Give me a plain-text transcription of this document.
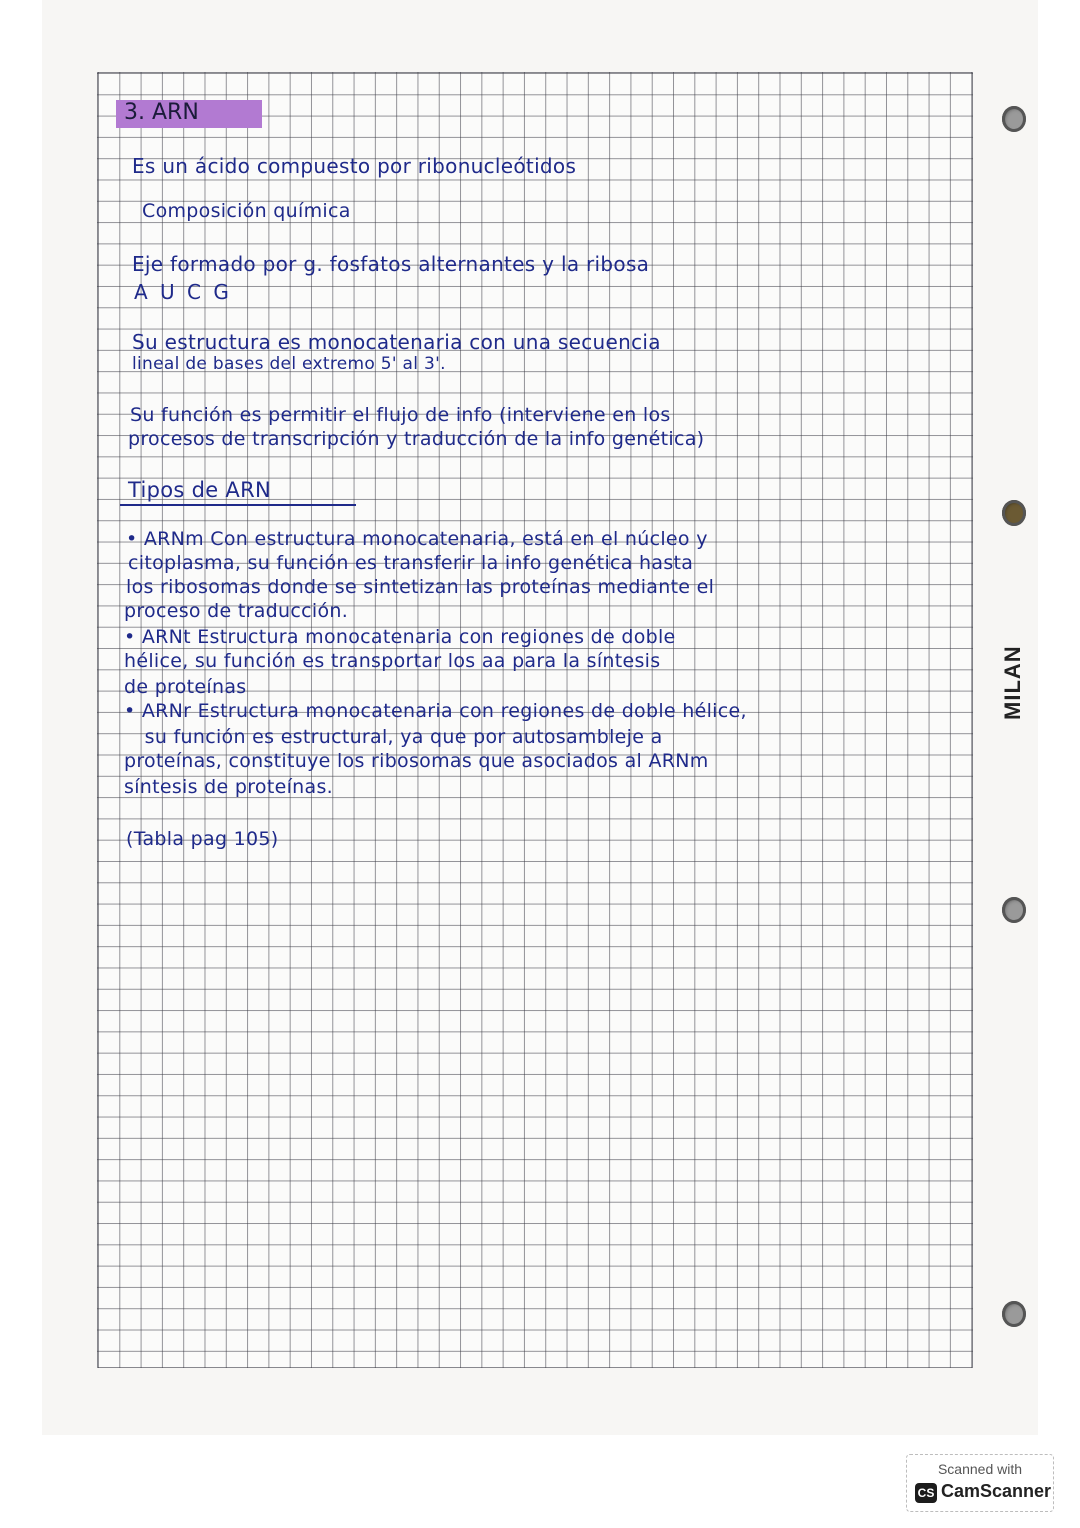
MILAN
3. ARN
Es un ácido compuesto por ribonucleótidos
Composición química
Eje formado por g. fosfatos alternantes y la ribosa
A U C G
Su estructura es monocatenaria con una secuencia
lineal de bases del extremo 5' al 3'.
Su función es permitir el flujo de info (interviene en los
procesos de transcripción y traducción de la info genética)
Tipos de ARN
• ARNm Con estructura monocatenaria, está en el núcleo y
citoplasma, su función es transferir la info genética hasta
los ribosomas donde se sintetizan las proteínas mediante el
proceso de traducción.
• ARNt Estructura monocatenaria con regiones de doble
hélice, su función es transportar los aa para la síntesis
de proteínas
• ARNr Estructura monocatenaria con regiones de doble hélice,
su función es estructural, ya que por autosambleje a
proteínas, constituye los ribosomas que asociados al ARNm
síntesis de proteínas.
(Tabla pag 105)
Scanned with
CS CamScanner
